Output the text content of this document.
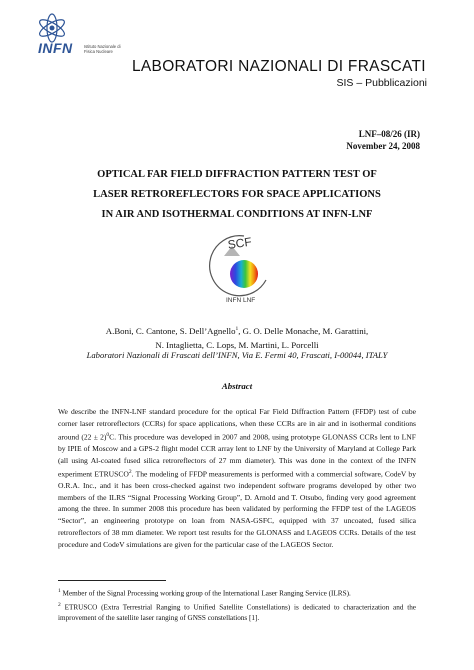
INFN	Istituto Nazionale di Fisica Nucleare
LABORATORI NAZIONALI DI FRASCATI
SIS – Pubblicazioni
LNF–08/26 (IR)
November 24, 2008
OPTICAL FAR FIELD DIFFRACTION PATTERN TEST OF
LASER RETROREFLECTORS FOR SPACE APPLICATIONS
IN AIR AND ISOTHERMAL CONDITIONS AT INFN-LNF
SCF
INFN LNF
A.Boni, C. Cantone, S. Dell’Agnello$^1$, G. O. Delle Monache, M. Garattini,
N. Intaglietta, C. Lops, M. Martini, L. Porcelli
Laboratori Nazionali di Frascati dell’INFN, Via E. Fermi 40, Frascati, I-00044, ITALY
Abstract
We describe the INFN-LNF standard procedure for the optical Far Field Diffraction Pattern (FFDP) test of cube corner laser retroreflectors (CCRs) for space applications, when these CCRs are in air and in isothermal conditions around $(22 \pm 2)^0C$. This procedure was developed in 2007 and 2008, using prototype GLONASS CCRs lent to LNF by IPIE of Moscow and a GPS-2 flight model CCR array lent to LNF by the University of Maryland at College Park (all using Al-coated fused silica retroreflectors of 27 mm diameter). This was done in the context of the INFN experiment ETRUSCO$^2$. The modeling of FFDP measurements is performed with a commercial software, CodeV by O.R.A. Inc., and it has been cross-checked against two independent software programs developed by other two members of the ILRS “Signal Processing Working Group”, D. Arnold and T. Otsubo, finding very good agreement among the three. In summer 2008 this procedure has been validated by performing the FFDP test of the LAGEOS “Sector”, an engineering prototype on loan from NASA-GSFC, equipped with 37 uncoated, fused silica retroreflectors of 38 mm diameter. We report test results for the GLONASS and LAGEOS CCRs. Details of the test procedure and CodeV simulations are given for the particular case of the LAGEOS Sector.
$^1$ Member of the Signal Processing working group of the International Laser Ranging Service (ILRS).
$^2$ ETRUSCO (Extra Terrestrial Ranging to Unified Satellite Constellations) is dedicated to characterization and the improvement of the satellite laser ranging of GNSS constellations [1].
